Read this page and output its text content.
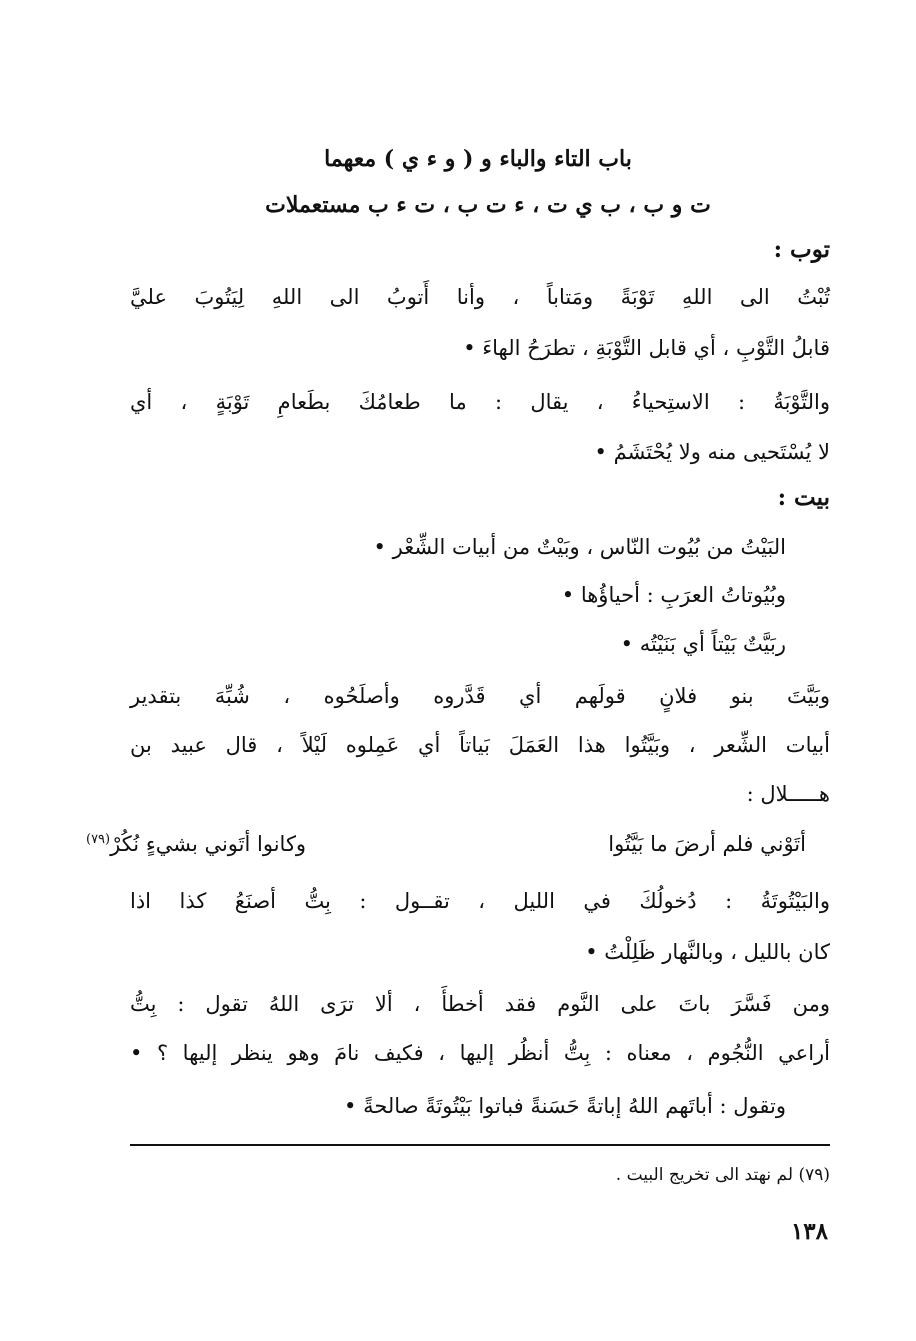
باب التاء والباء و ( و ء ي ) معهما
ت و ب ، ب ي ت ، ء ت ب ، ت ء ب مستعملات
توب :
تُبْتُ الى اللهِ تَوْبَةً ومَتاباً ، وأنا أَتوبُ الى اللهِ لِيَتُوبَ عليَّ
قابلُ التَّوْبِ ، أي قابل التَّوْبَةِ ، تطرَحُ الهاءَ •
والتَّوْبَةُ : الاستِحياءُ ، يقال : ما طعامُكَ بطَعامِ تَوْبَةٍ ، أي
لا يُسْتَحيى منه ولا يُحْتَشَمُ •
بيت :
البَيْتُ من بُيُوت النّاس ، وبَيْتٌ من أبيات الشِّعْر •
وبُيُوتاتُ العرَبِ : أحياؤُها •
ربَيَّتٌ بَيْتاً أي بَنَيْتُه •
وبَيَّتَ بنو فلانٍ قولَهم أي قَدَّروه وأصلَحُوه ، شُبِّهَ بتقدير
أبيات الشِّعر ، وبَيَّتُوا هذا العَمَلَ بَياتاً أي عَمِلوه لَيْلاً ، قال عبيد بن
هـــــلال :
أتَوْني فلم أرضَ ما بَيَّتُوا
وكانوا أتَوني بشيءٍ نُكُرْ$^{(٧٩)}$
والبَيْتُوتَةُ : دُخولُكَ في الليل ، تقــول : بِتُّ أصنَعُ كذا اذا
كان بالليل ، وبالنَّهار ظَلِلْتُ •
ومن فَسَّرَ باتَ على النَّوم فقد أخطأَ ، ألا ترَى اللهُ تقول : بِتُّ
أراعي النُّجُوم ، معناه : بِتُّ أنظُر إليها ، فكيف نامَ وهو ينظر إليها ؟ •
وتقول : أباتَهم اللهُ إباتةً حَسَنةً فباتوا بَيْتُوتَةً صالحةً •
(٧٩) لم نهتد الى تخريج البيت .
١٣٨
